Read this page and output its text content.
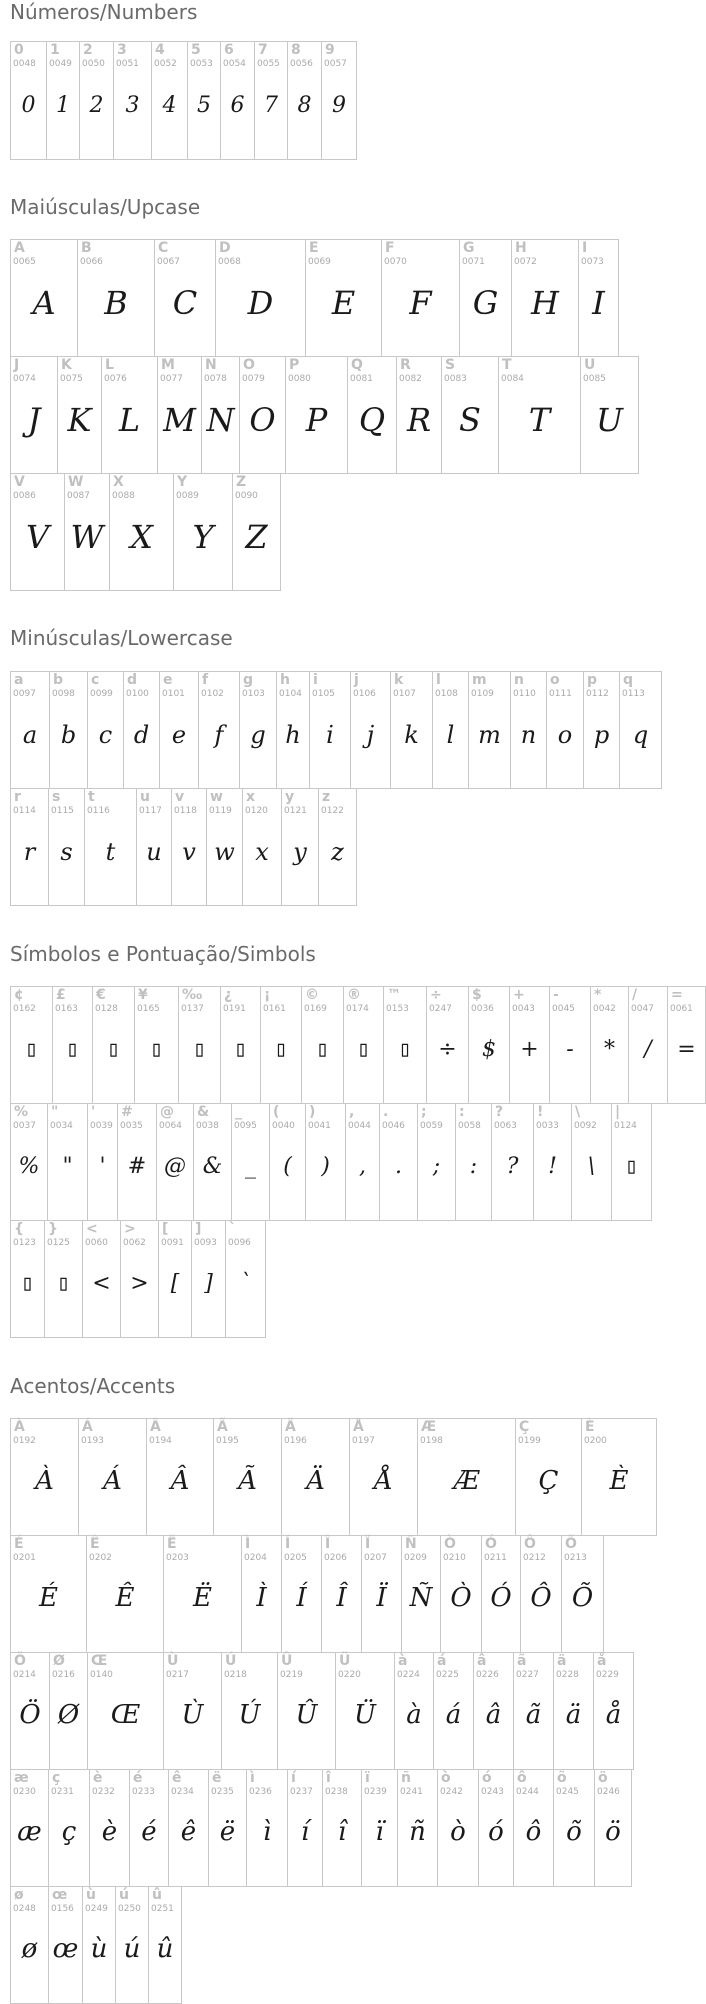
Números/Numbers
0
0048
0
1
0049
1
2
0050
2
3
0051
3
4
0052
4
5
0053
5
6
0054
6
7
0055
7
8
0056
8
9
0057
9
Maiúsculas/Upcase
A
0065
A
B
0066
B
C
0067
C
D
0068
D
E
0069
E
F
0070
F
G
0071
G
H
0072
H
I
0073
I
J
0074
J
K
0075
K
L
0076
L
M
0077
M
N
0078
N
O
0079
O
P
0080
P
Q
0081
Q
R
0082
R
S
0083
S
T
0084
T
U
0085
U
V
0086
V
W
0087
W
X
0088
X
Y
0089
Y
Z
0090
Z
Minúsculas/Lowercase
a
0097
a
b
0098
b
c
0099
c
d
0100
d
e
0101
e
f
0102
f
g
0103
g
h
0104
h
i
0105
i
j
0106
j
k
0107
k
l
0108
l
m
0109
m
n
0110
n
o
0111
o
p
0112
p
q
0113
q
r
0114
r
s
0115
s
t
0116
t
u
0117
u
v
0118
v
w
0119
w
x
0120
x
y
0121
y
z
0122
z
Símbolos e Pontuação/Simbols
¢
0162
▯
£
0163
▯
€
0128
▯
¥
0165
▯
‰
0137
▯
¿
0191
▯
¡
0161
▯
©
0169
▯
®
0174
▯
™
0153
▯
÷
0247
÷
$
0036
$
+
0043
+
-
0045
-
*
0042
*
/
0047
/
=
0061
=
%
0037
%
"
0034
"
'
0039
'
#
0035
#
@
0064
@
&
0038
&
_
0095
_
(
0040
(
)
0041
)
,
0044
,
.
0046
.
;
0059
;
:
0058
:
?
0063
?
!
0033
!
\
0092
\
|
0124
▯
{
0123
▯
}
0125
▯
<
0060
<
>
0062
>
[
0091
[
]
0093
]
`
0096
`
Acentos/Accents
À
0192
À
Á
0193
Á
Â
0194
Â
Ã
0195
Ã
Ä
0196
Ä
Å
0197
Å
Æ
0198
Æ
Ç
0199
Ç
È
0200
È
É
0201
É
Ê
0202
Ê
Ë
0203
Ë
Ì
0204
Ì
Í
0205
Í
Î
0206
Î
Ï
0207
Ï
Ñ
0209
Ñ
Ò
0210
Ò
Ó
0211
Ó
Ô
0212
Ô
Õ
0213
Õ
Ö
0214
Ö
Ø
0216
Ø
Œ
0140
Œ
Ù
0217
Ù
Ú
0218
Ú
Û
0219
Û
Ü
0220
Ü
à
0224
à
á
0225
á
â
0226
â
ã
0227
ã
ä
0228
ä
å
0229
å
æ
0230
æ
ç
0231
ç
è
0232
è
é
0233
é
ê
0234
ê
ë
0235
ë
ì
0236
ì
í
0237
í
î
0238
î
ï
0239
ï
ñ
0241
ñ
ò
0242
ò
ó
0243
ó
ô
0244
ô
õ
0245
õ
ö
0246
ö
ø
0248
ø
œ
0156
œ
ù
0249
ù
ú
0250
ú
û
0251
û
